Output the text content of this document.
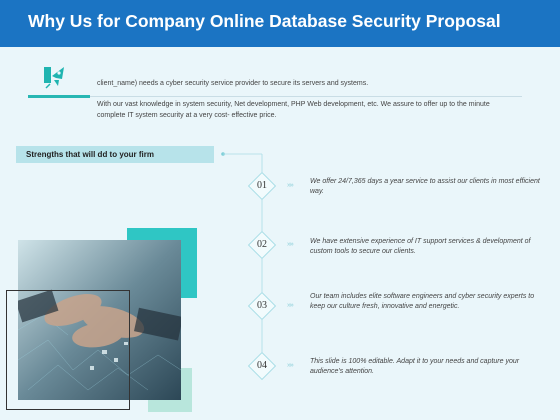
Why Us for Company Online Database Security Proposal
client_name) needs a cyber security service provider to secure its servers and systems.
With our vast knowledge in system security, Net development, PHP Web development, etc. We assure to offer up to the minute complete IT system security at a very cost- effective price.
Strengths that will dd to your firm
01	»»
We offer 24/7,365 days a year service to assist our clients in most efficient way.
02	»» We have extensive experience of IT support services & development of custom tools to secure our clients.
03	»»
Our team includes elite software engineers and cyber security experts to keep our culture fresh, innovative and energetic.
04	»»
This slide is 100% editable. Adapt it to your needs and capture your audience's attention.
